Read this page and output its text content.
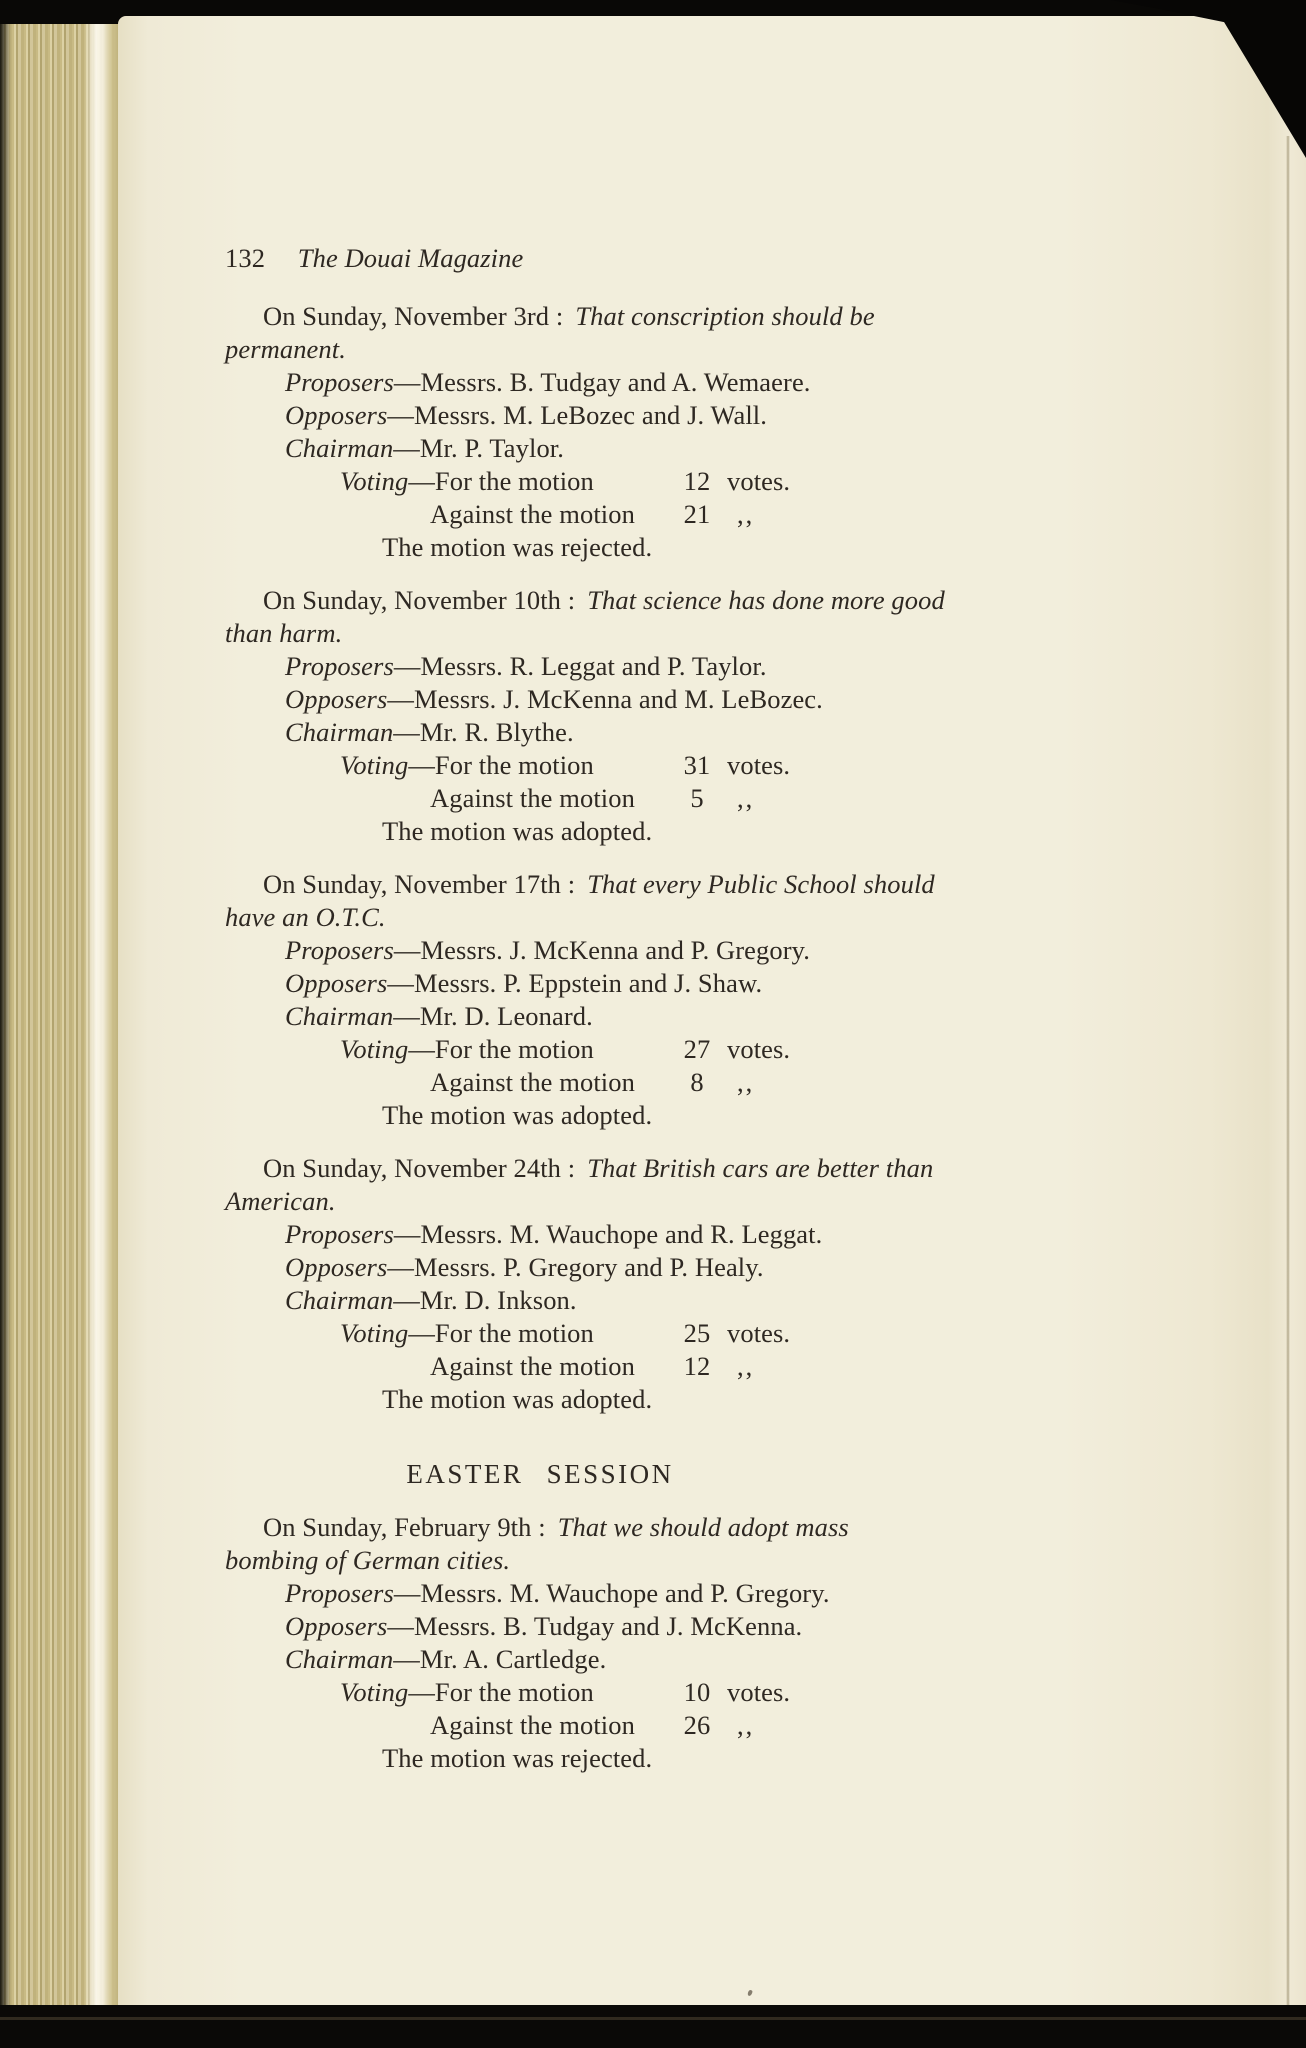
132 The Douai Magazine

On Sunday, November 3rd : That conscription should be permanent.

Proposers—Messrs. B. Tudgay and A. Wemaere.

Opposers—Messrs. M. LeBozec and J. Wall.

Chairman—Mr. P. Taylor.

Voting—For the motion	12 votes.

Against the motion	21	,,

The motion was rejected.

On Sunday, November 10th : That science has done more good than harm.

Proposers—Messrs. R. Leggat and P. Taylor.

Opposers—Messrs. J. McKenna and M. LeBozec.

Chairman—Mr. R. Blythe.

Voting—For the motion	31 votes.

Against the motion	5	,,

The motion was adopted.

On Sunday, November 17th : That every Public School should have an O.T.C.

Proposers—Messrs. J. McKenna and P. Gregory.

Opposers—Messrs. P. Eppstein and J. Shaw.

Chairman—Mr. D. Leonard.

Voting—For the motion	27 votes.

Against the motion	8	,,

The motion was adopted.

On Sunday, November 24th : That British cars are better than American.

Proposers—Messrs. M. Wauchope and R. Leggat.

Opposers—Messrs. P. Gregory and P. Healy.

Chairman—Mr. D. Inkson.

Voting—For the motion	25 votes.

Against the motion	12	,,

The motion was adopted.

EASTER SESSION

On Sunday, February 9th : That we should adopt mass bombing of German cities.

Proposers—Messrs. M. Wauchope and P. Gregory.

Opposers—Messrs. B. Tudgay and J. McKenna.

Chairman—Mr. A. Cartledge.

Voting—For the motion	10 votes.

Against the motion	26	,,

The motion was rejected.
